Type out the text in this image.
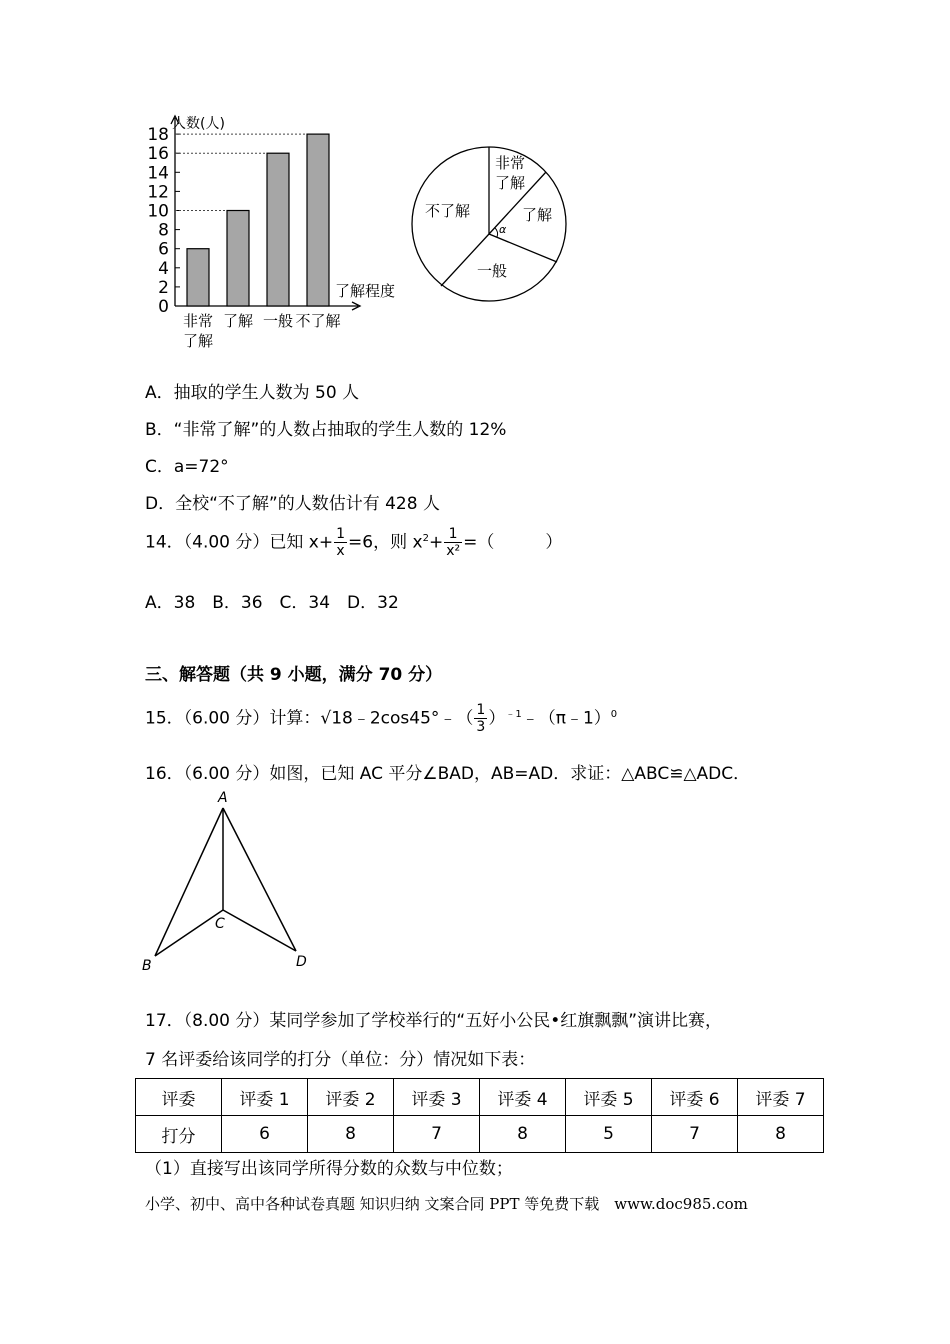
人数(人)
了解程度
0
2
4
6
8
10
12
14
16
18
非常
了解
了解 一般 不了解
α
非常
了解
了解
一般
不了解
A．抽取的学生人数为 50 人
B．“非常了解”的人数占抽取的学生人数的 12%
C．a=72°
D．全校“不了解”的人数估计有 428 人
14．（4.00 分）已知 $x+ \frac{1}{x} =6$，则 $x^2+ \frac{1}{\text{x²}}$ =（　　　）
A．38　B．36　C．34　D．32
三、解答题（共 9 小题，满分 70 分）
15．（6.00 分）计算：√18﹣2cos45°﹣（ $\frac{1}{3}$ ）$^{﹣1}$﹣（π﹣1）$^0$
16．（6.00 分）如图，已知 AC 平分∠BAD，AB=AD．求证：△ABC≌△ADC．
A
B
C
D
17．（8.00 分）某同学参加了学校举行的“五好小公民•红旗飘飘”演讲比赛，
7 名评委给该同学的打分（单位：分）情况如下表：
评委	评委 1	评委 2	评委 3	评委 4	评委 5	评委 6	评委 7
打分	6	8	7	8	5	7	8
（1）直接写出该同学所得分数的众数与中位数；
小学、初中、高中各种试卷真题 知识归纳 文案合同 PPT 等免费下载　www.doc985.com
